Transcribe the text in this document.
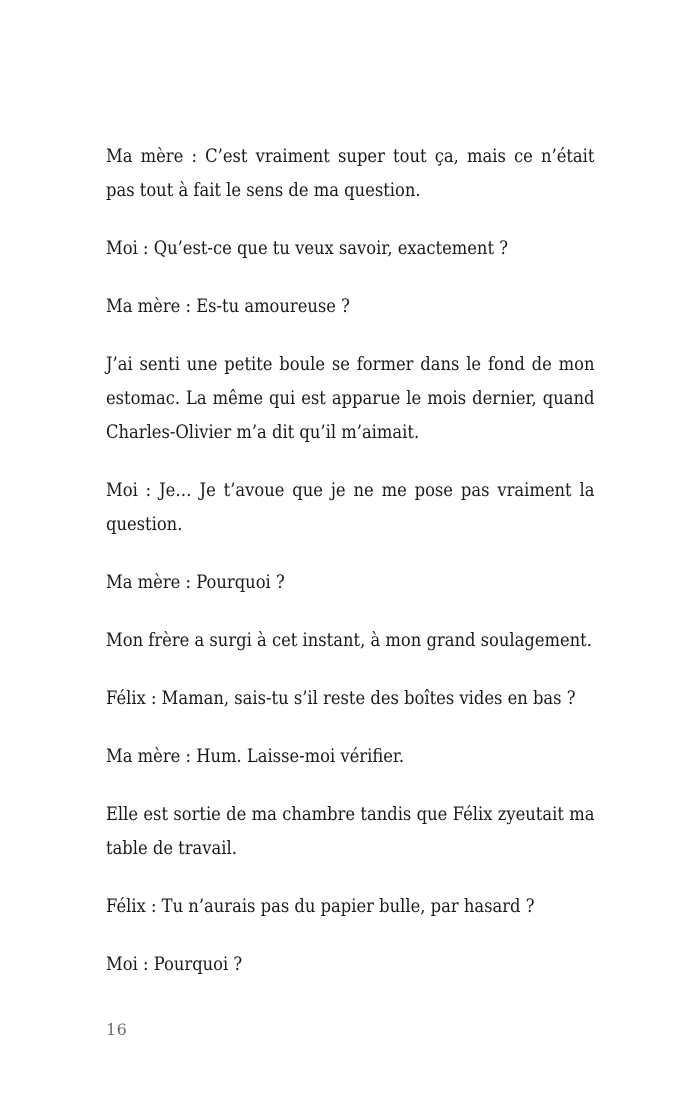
Ma mère : C’est vraiment super tout ça, mais ce n’était pas tout à fait le sens de ma question.

Moi : Qu’est-ce que tu veux savoir, exactement ?

Ma mère : Es-tu amoureuse ?

J’ai senti une petite boule se former dans le fond de mon estomac. La même qui est apparue le mois dernier, quand Charles-Olivier m’a dit qu’il m’aimait.

Moi : Je… Je t’avoue que je ne me pose pas vraiment la question.

Ma mère : Pourquoi ?

Mon frère a surgi à cet instant, à mon grand soulagement.

Félix : Maman, sais-tu s’il reste des boîtes vides en bas ?

Ma mère : Hum. Laisse-moi vérifier.

Elle est sortie de ma chambre tandis que Félix zyeutait ma table de travail.

Félix : Tu n’aurais pas du papier bulle, par hasard ?

Moi : Pourquoi ?

16
